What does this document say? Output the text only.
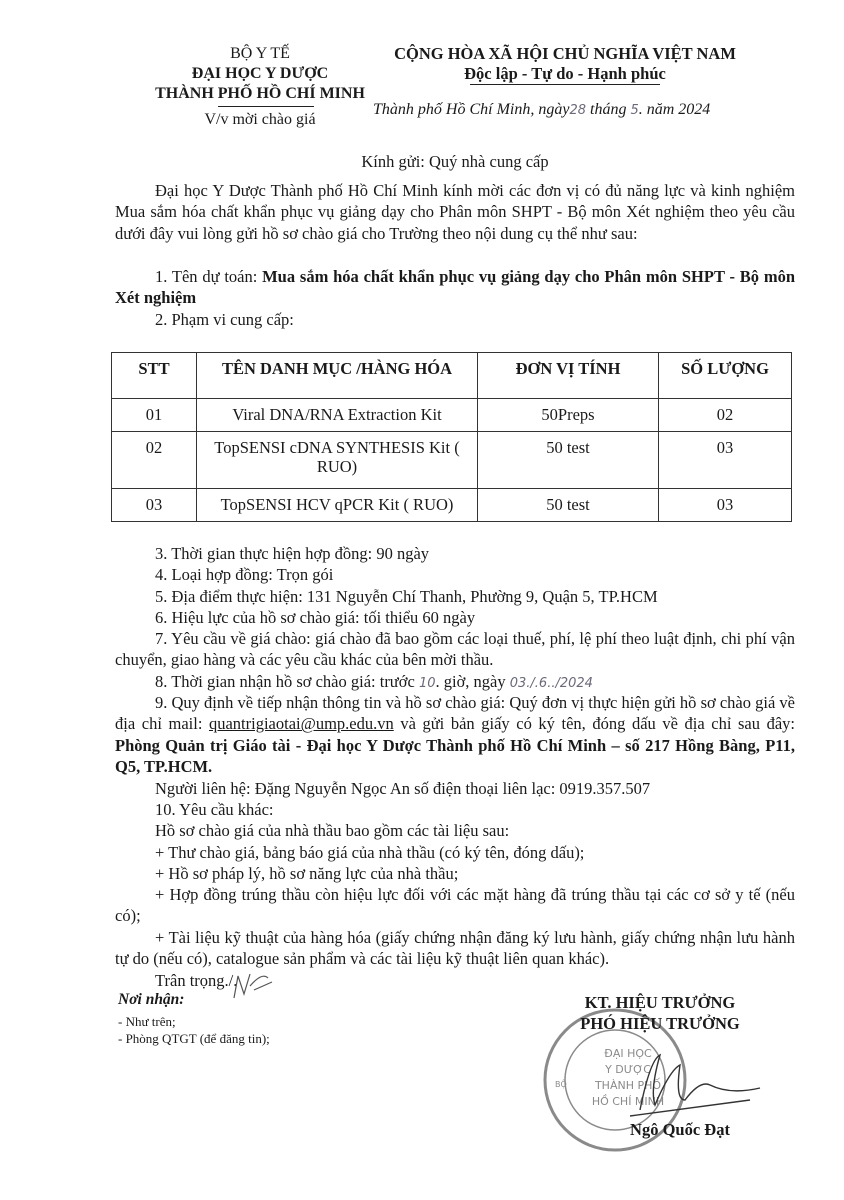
BỘ Y TẾ
ĐẠI HỌC Y DƯỢC
THÀNH PHỐ HỒ CHÍ MINH
V/v mời chào giá
CỘNG HÒA XÃ HỘI CHỦ NGHĨA VIỆT NAM
Độc lập - Tự do - Hạnh phúc
Thành phố Hồ Chí Minh, ngày28 tháng 5. năm 2024
Kính gửi: Quý nhà cung cấp
Đại học Y Dược Thành phố Hồ Chí Minh kính mời các đơn vị có đủ năng lực và kinh nghiệm Mua sắm hóa chất khẩn phục vụ giảng dạy cho Phân môn SHPT - Bộ môn Xét nghiệm theo yêu cầu dưới đây vui lòng gửi hồ sơ chào giá cho Trường theo nội dung cụ thể như sau:
1. Tên dự toán: Mua sắm hóa chất khẩn phục vụ giảng dạy cho Phân môn SHPT - Bộ môn Xét nghiệm
2. Phạm vi cung cấp:
STT	TÊN DANH MỤC /HÀNG HÓA	ĐƠN VỊ TÍNH	SỐ LƯỢNG
01	Viral DNA/RNA Extraction Kit	50Preps	02
02	TopSENSI cDNA SYNTHESIS Kit ( RUO)	50 test	03
03	TopSENSI HCV qPCR Kit ( RUO)	50 test	03
3. Thời gian thực hiện hợp đồng: 90 ngày
4. Loại hợp đồng: Trọn gói
5. Địa điểm thực hiện: 131 Nguyễn Chí Thanh, Phường 9, Quận 5, TP.HCM
6. Hiệu lực của hồ sơ chào giá: tối thiểu 60 ngày
7. Yêu cầu về giá chào: giá chào đã bao gồm các loại thuế, phí, lệ phí theo luật định, chi phí vận chuyển, giao hàng và các yêu cầu khác của bên mời thầu.
8. Thời gian nhận hồ sơ chào giá: trước 10. giờ, ngày 03./.6../2024
9. Quy định về tiếp nhận thông tin và hồ sơ chào giá: Quý đơn vị thực hiện gửi hồ sơ chào giá về địa chỉ mail: quantrigiaotai@ump.edu.vn và gửi bản giấy có ký tên, đóng dấu về địa chỉ sau đây: Phòng Quản trị Giáo tài - Đại học Y Dược Thành phố Hồ Chí Minh – số 217 Hồng Bàng, P11, Q5, TP.HCM.
Người liên hệ: Đặng Nguyễn Ngọc An số điện thoại liên lạc: 0919.357.507
10. Yêu cầu khác:
Hồ sơ chào giá của nhà thầu bao gồm các tài liệu sau:
+ Thư chào giá, bảng báo giá của nhà thầu (có ký tên, đóng dấu);
+ Hồ sơ pháp lý, hồ sơ năng lực của nhà thầu;
+ Hợp đồng trúng thầu còn hiệu lực đối với các mặt hàng đã trúng thầu tại các cơ sở y tế (nếu có);
+ Tài liệu kỹ thuật của hàng hóa (giấy chứng nhận đăng ký lưu hành, giấy chứng nhận lưu hành tự do (nếu có), catalogue sản phẩm và các tài liệu kỹ thuật liên quan khác).
Trân trọng./.
Nơi nhận:
- Như trên;
- Phòng QTGT (để đăng tin);
ĐẠI HỌC
Y DƯỢC
THÀNH PHỐ
HỒ CHÍ MINH
BỘ
KT. HIỆU TRƯỞNG
PHÓ HIỆU TRƯỞNG
Ngô Quốc Đạt
